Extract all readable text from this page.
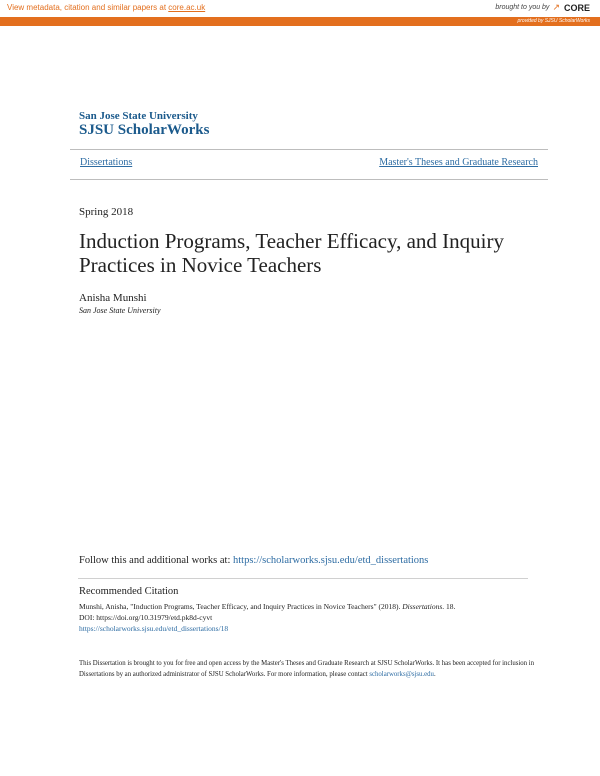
View metadata, citation and similar papers at core.ac.uk	brought to you by ↗ CORE
provided by SJSU ScholarWorks
San Jose State University
SJSU ScholarWorks
Dissertations	Master's Theses and Graduate Research
Spring 2018
Induction Programs, Teacher Efficacy, and Inquiry Practices in Novice Teachers
Anisha Munshi
San Jose State University
Follow this and additional works at: https://scholarworks.sjsu.edu/etd_dissertations
Recommended Citation
Munshi, Anisha, "Induction Programs, Teacher Efficacy, and Inquiry Practices in Novice Teachers" (2018). Dissertations. 18.
DOI: https://doi.org/10.31979/etd.pk8d-cyvt
https://scholarworks.sjsu.edu/etd_dissertations/18
This Dissertation is brought to you for free and open access by the Master's Theses and Graduate Research at SJSU ScholarWorks. It has been accepted for inclusion in Dissertations by an authorized administrator of SJSU ScholarWorks. For more information, please contact scholarworks@sjsu.edu.
